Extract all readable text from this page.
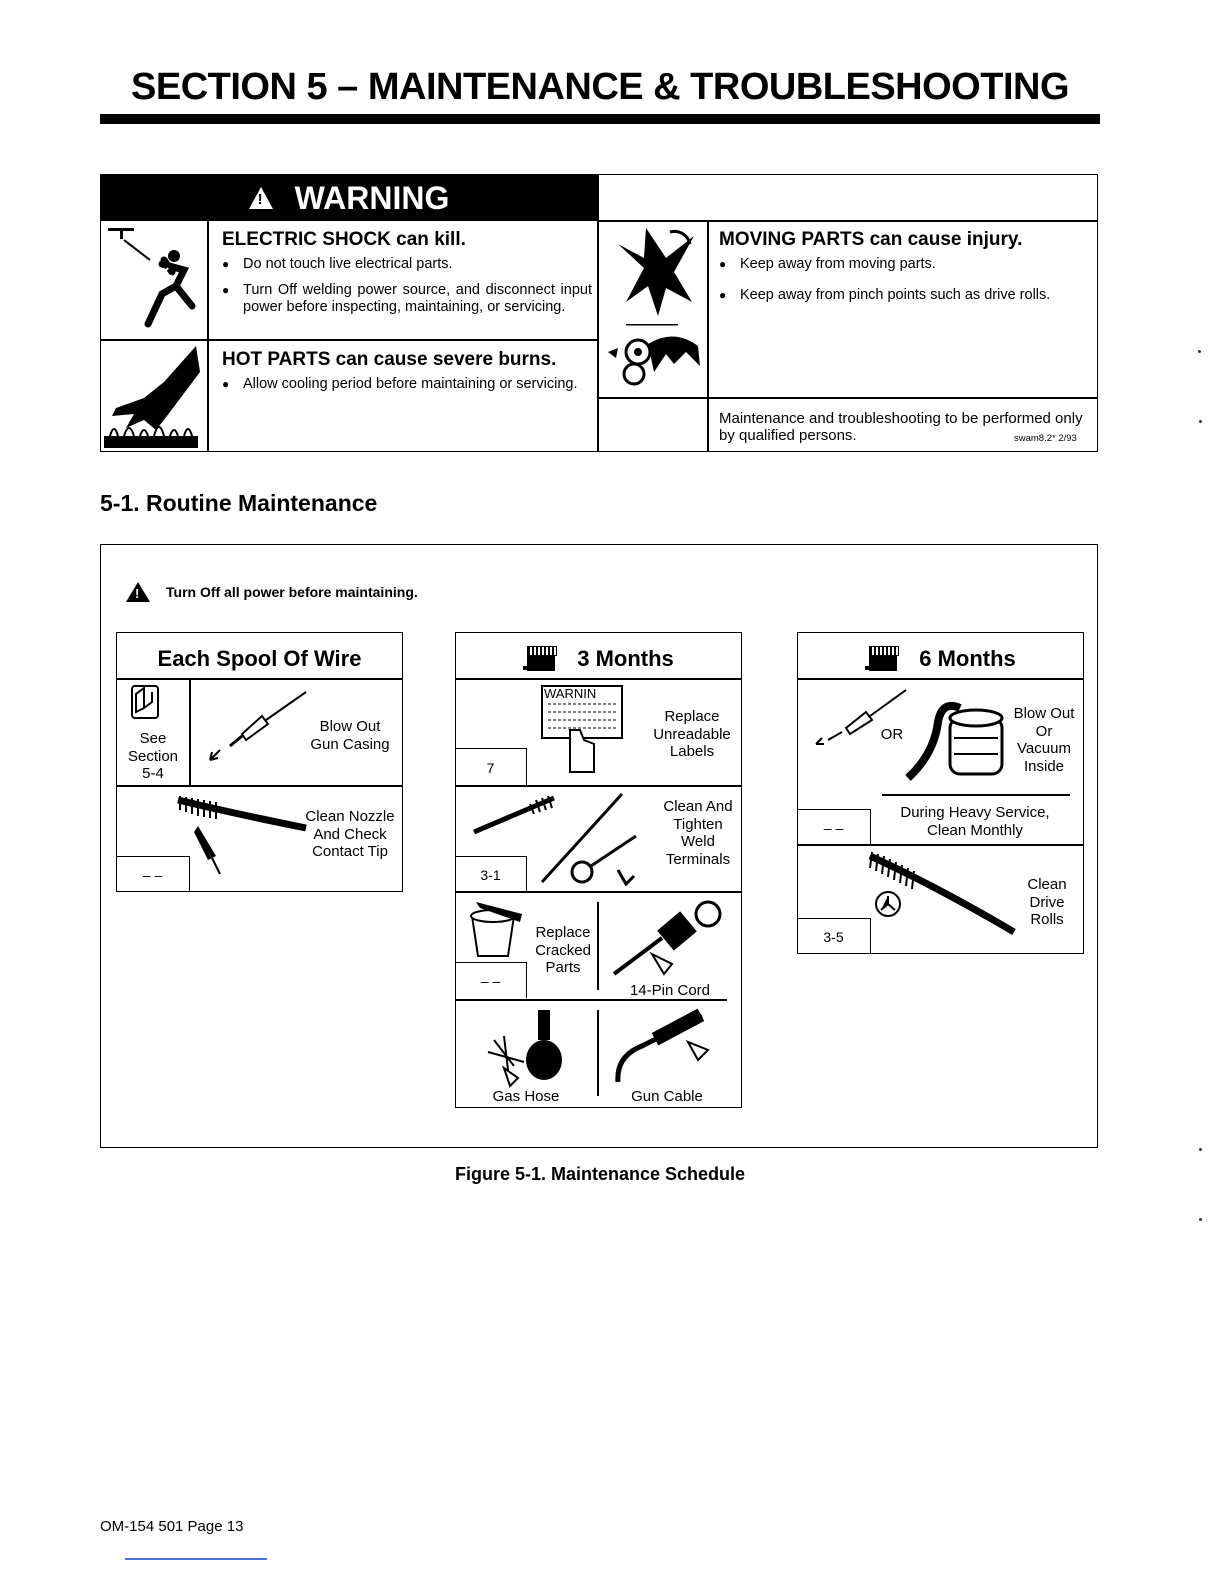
SECTION 5 – MAINTENANCE & TROUBLESHOOTING
!
WARNING
ELECTRIC SHOCK can kill.
● Do not touch live electrical parts.
● Turn Off welding power source, and disconnect input power before inspecting, maintaining, or servicing.
HOT PARTS can cause severe burns.
● Allow cooling period before maintaining or servicing.
MOVING PARTS can cause injury.
● Keep away from moving parts.
● Keep away from pinch points such as drive rolls.
Maintenance and troubleshooting to be performed only by qualified persons.	swam8.2* 2/93
5-1. Routine Maintenance
!
Turn Off all power before maintaining.
Each Spool Of Wire
See Section 5-4
Blow Out Gun Casing
Clean Nozzle And Check Contact Tip
– –
3 Months
WARNIN
Replace Unreadable Labels
7
Clean And Tighten Weld Terminals
3-1
Replace Cracked Parts
– –
14-Pin Cord
Gas Hose	Gun Cable
6 Months
OR
Blow Out Or Vacuum Inside
During Heavy Service, Clean Monthly
– –
Clean Drive Rolls
3-5
Figure 5-1. Maintenance Schedule
OM-154 501 Page 13
